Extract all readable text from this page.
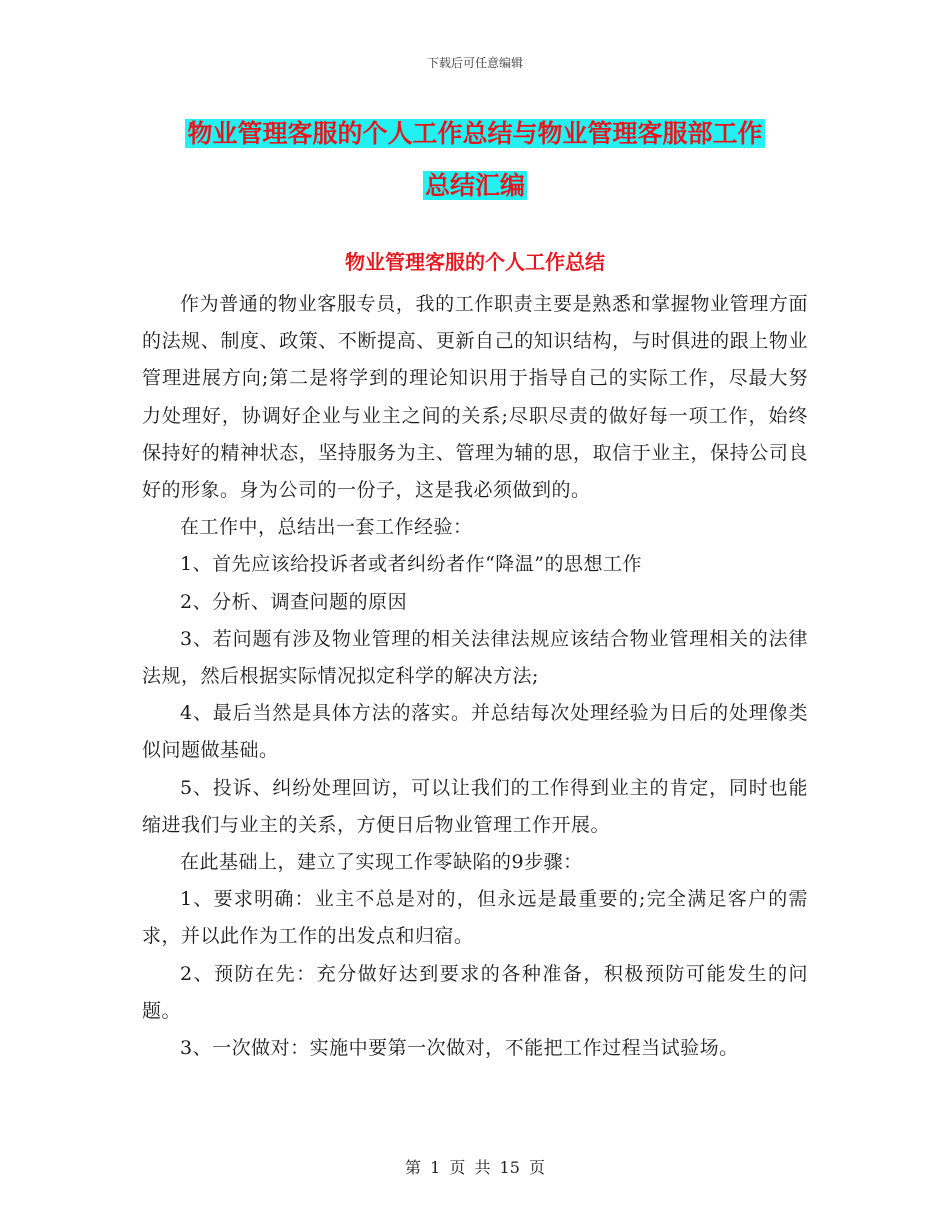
下载后可任意编辑
物业管理客服的个人工作总结与物业管理客服部工作
总结汇编
物业管理客服的个人工作总结

作为普通的物业客服专员，我的工作职责主要是熟悉和掌握物业管理方面的法规、制度、政策、不断提高、更新自己的知识结构，与时俱进的跟上物业管理进展方向;第二是将学到的理论知识用于指导自己的实际工作，尽最大努力处理好，协调好企业与业主之间的关系;尽职尽责的做好每一项工作，始终保持好的精神状态，坚持服务为主、管理为辅的思，取信于业主，保持公司良好的形象。身为公司的一份子，这是我必须做到的。

在工作中，总结出一套工作经验：

1、首先应该给投诉者或者纠纷者作“降温”的思想工作

2、分析、调查问题的原因

3、若问题有涉及物业管理的相关法律法规应该结合物业管理相关的法律法规，然后根据实际情况拟定科学的解决方法;

4、最后当然是具体方法的落实。并总结每次处理经验为日后的处理像类似问题做基础。

5、投诉、纠纷处理回访，可以让我们的工作得到业主的肯定，同时也能缩进我们与业主的关系，方便日后物业管理工作开展。

在此基础上，建立了实现工作零缺陷的9步骤：

1、要求明确：业主不总是对的，但永远是最重要的;完全满足客户的需求，并以此作为工作的出发点和归宿。

2、预防在先：充分做好达到要求的各种准备，积极预防可能发生的问题。

3、一次做对：实施中要第一次做对，不能把工作过程当试验场。

第 1 页 共 15 页
